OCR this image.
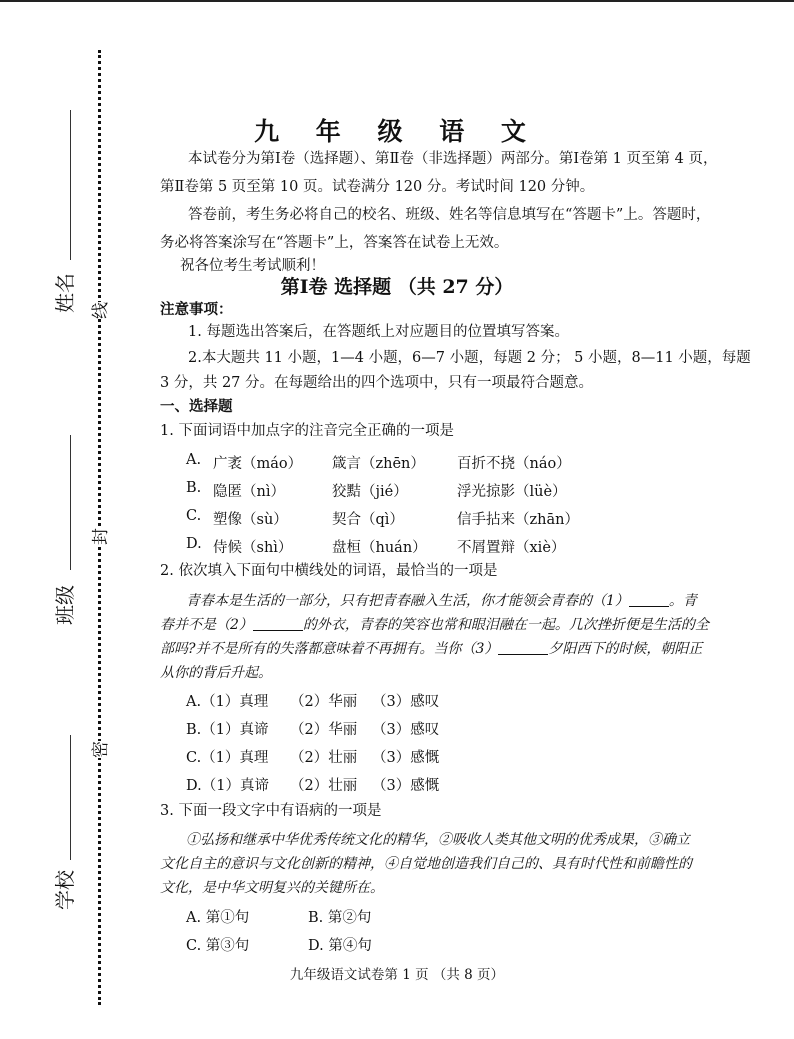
姓名
班级
学校
线
封
密
九 年 级 语 文
本试卷分为第Ⅰ卷（选择题）、第Ⅱ卷（非选择题）两部分。第Ⅰ卷第 1 页至第 4 页，
第Ⅱ卷第 5 页至第 10 页。试卷满分 120 分。考试时间 120 分钟。
答卷前，考生务必将自己的校名、班级、姓名等信息填写在“答题卡”上。答题时，
务必将答案涂写在“答题卡”上，答案答在试卷上无效。
祝各位考生考试顺利！
第Ⅰ卷 选择题 （共 27 分）
注意事项：
1. 每题选出答案后，在答题纸上对应题目的位置填写答案。
2.本大题共 11 小题，1—4 小题，6—7 小题，每题 2 分； 5 小题，8—11 小题，每题
3 分，共 27 分。在每题给出的四个选项中，只有一项最符合题意。
一、选择题
1. 下面词语中加点字的注音完全正确的一项是
A. 广袤（máo） 箴言（zhēn） 百折不挠（náo）
B. 隐匿（nì）	狡黠（jié）	浮光掠影（lüè）
C. 塑像（sù）	契合（qì）	信手拈来（zhān）
D. 侍候（shì）	盘桓（huán） 不屑置辩（xiè）
2. 依次填入下面句中横线处的词语，最恰当的一项是
青春本是生活的一部分，只有把青春融入生活，你才能领会青春的（1）	。青
春并不是（2）	的外衣，青春的笑容也常和眼泪融在一起。几次挫折便是生活的全
部吗?并不是所有的失落都意味着不再拥有。当你（3）	夕阳西下的时候，朝阳正
从你的背后升起。
A.（1）真理 （2）华丽 （3）感叹
B.（1）真谛 （2）华丽 （3）感叹
C.（1）真理 （2）壮丽 （3）感慨
D.（1）真谛 （2）壮丽 （3）感慨
3. 下面一段文字中有语病的一项是
①弘扬和继承中华优秀传统文化的精华，②吸收人类其他文明的优秀成果，③确立
文化自主的意识与文化创新的精神，④自觉地创造我们自己的、具有时代性和前瞻性的
文化，是中华文明复兴的关键所在。
A. 第①句	B. 第②句
C. 第③句	D. 第④句
九年级语文试卷第 1 页 （共 8 页）
